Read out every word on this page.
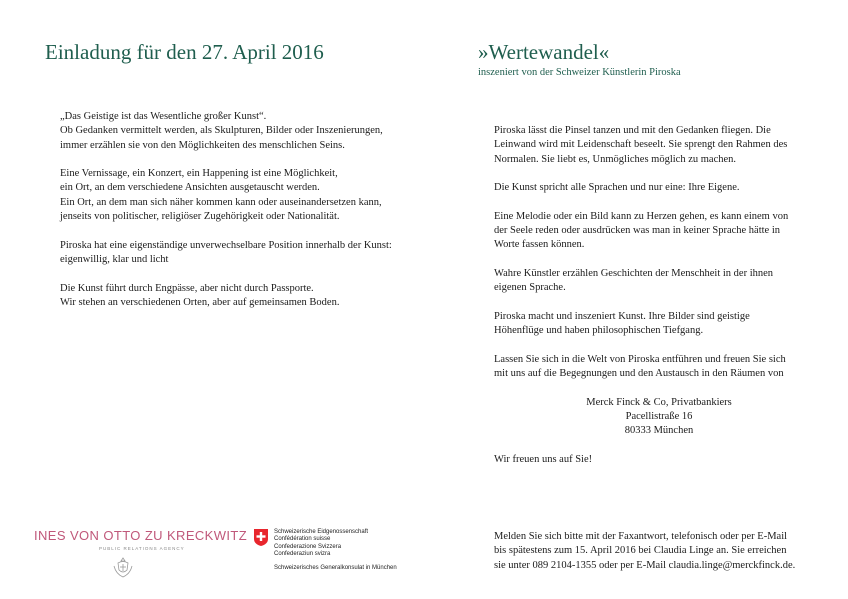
Einladung für den 27. April 2016

„Das Geistige ist das Wesentliche großer Kunst“.

Ob Gedanken vermittelt werden, als Skulpturen, Bilder oder Inszenierungen,

immer erzählen sie von den Möglichkeiten des menschlichen Seins.

Eine Vernissage, ein Konzert, ein Happening ist eine Möglichkeit,

ein Ort, an dem verschiedene Ansichten ausgetauscht werden.

Ein Ort, an dem man sich näher kommen kann oder auseinandersetzen kann,

jenseits von politischer, religiöser Zugehörigkeit oder Nationalität.

Piroska hat eine eigenständige unverwechselbare Position innerhalb der Kunst:

eigenwillig, klar und licht

Die Kunst führt durch Engpässe, aber nicht durch Passporte.

Wir stehen an verschiedenen Orten, aber auf gemeinsamen Boden.

»Wertewandel«
inszeniert von der Schweizer Künstlerin Piroska

Piroska lässt die Pinsel tanzen und mit den Gedanken fliegen. Die

Leinwand wird mit Leidenschaft beseelt. Sie sprengt den Rahmen des

Normalen. Sie liebt es, Unmögliches möglich zu machen.

Die Kunst spricht alle Sprachen und nur eine: Ihre Eigene.

Eine Melodie oder ein Bild kann zu Herzen gehen, es kann einem von

der Seele reden oder ausdrücken was man in keiner Sprache hätte in

Worte fassen können.

Wahre Künstler erzählen Geschichten der Menschheit in der ihnen

eigenen Sprache.

Piroska macht und inszeniert Kunst. Ihre Bilder sind geistige

Höhenflüge und haben philosophischen Tiefgang.

Lassen Sie sich in die Welt von Piroska entführen und freuen Sie sich

mit uns auf die Begegnungen und den Austausch in den Räumen von

Merck Finck & Co, Privatbankiers

Pacellistraße 16

80333 München

Wir freuen uns auf Sie!

Melden Sie sich bitte mit der Faxantwort, telefonisch oder per E-Mail

bis spätestens zum 15. April 2016 bei Claudia Linge an. Sie erreichen

sie unter 089 2104-1355 oder per E-Mail claudia.linge@merckfinck.de.

INES VON OTTO ZU KRECKWITZ
PUBLIC RELATIONS AGENCY
Schweizerische Eidgenossenschaft
Confédération suisse
Confederazione Svizzera
Confederaziun svizra
Schweizerisches Generalkonsulat in München
